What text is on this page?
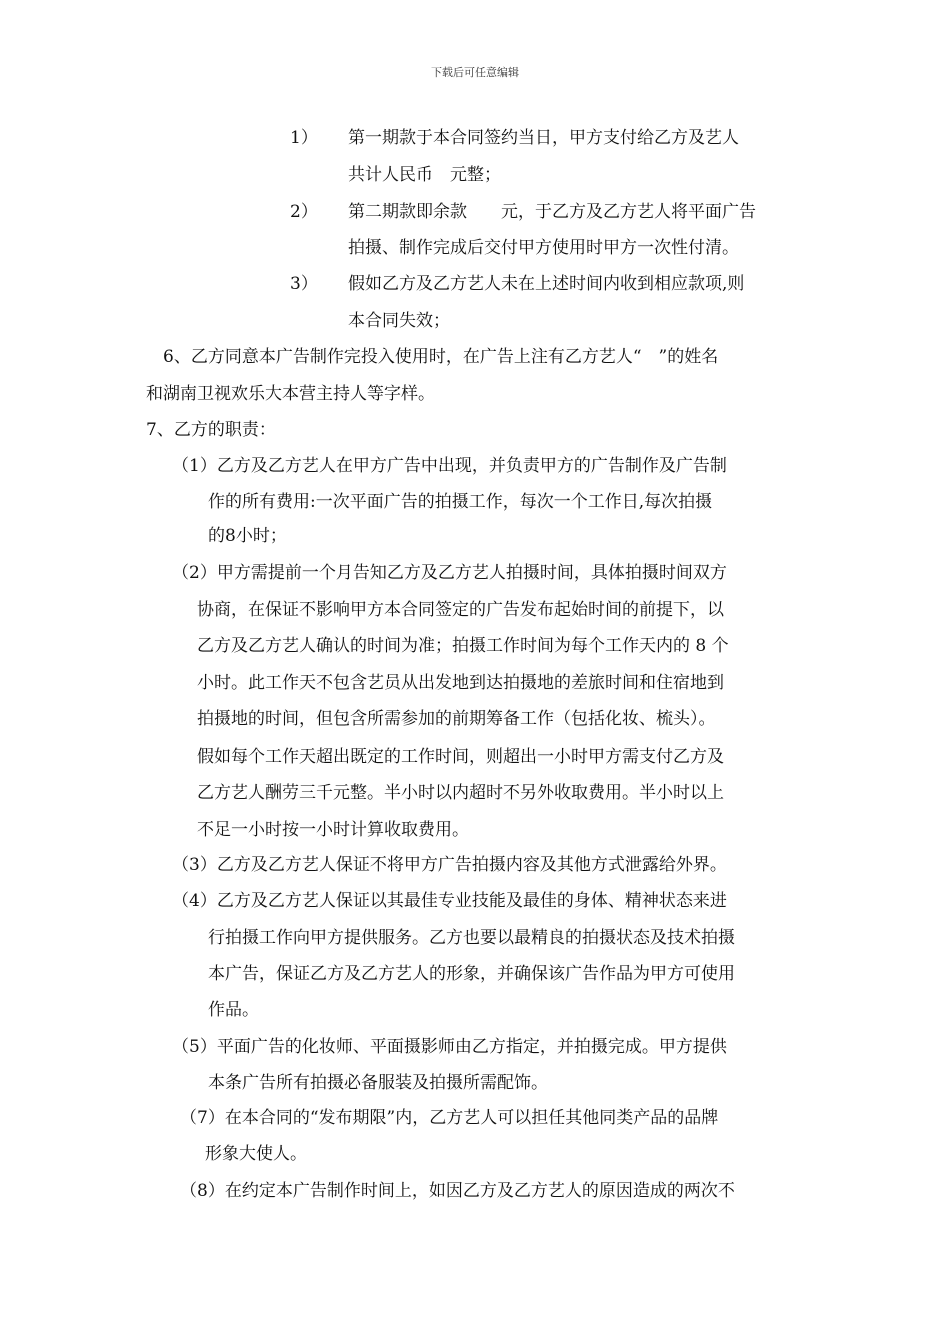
下载后可任意编辑
1） 第一期款于本合同签约当日，甲方支付给乙方及艺人
共计人民币　元整；
2） 第二期款即余款　　元，于乙方及乙方艺人将平面广告
拍摄、制作完成后交付甲方使用时甲方一次性付清。
3） 假如乙方及乙方艺人未在上述时间内收到相应款项,则
本合同失效；
6、乙方同意本广告制作完投入使用时，在广告上注有乙方艺人“　”的姓名
和湖南卫视欢乐大本营主持人等字样。
7、乙方的职责：
（1）乙方及乙方艺人在甲方广告中出现，并负责甲方的广告制作及广告制
作的所有费用:一次平面广告的拍摄工作，每次一个工作日,每次拍摄
的8小时；
（2）甲方需提前一个月告知乙方及乙方艺人拍摄时间，具体拍摄时间双方
协商，在保证不影响甲方本合同签定的广告发布起始时间的前提下，以
乙方及乙方艺人确认的时间为准；拍摄工作时间为每个工作天内的 8 个
小时。此工作天不包含艺员从出发地到达拍摄地的差旅时间和住宿地到
拍摄地的时间，但包含所需参加的前期筹备工作（包括化妆、梳头）。
假如每个工作天超出既定的工作时间，则超出一小时甲方需支付乙方及
乙方艺人酬劳三千元整。半小时以内超时不另外收取费用。半小时以上
不足一小时按一小时计算收取费用。
（3）乙方及乙方艺人保证不将甲方广告拍摄内容及其他方式泄露给外界。
（4）乙方及乙方艺人保证以其最佳专业技能及最佳的身体、精神状态来进
行拍摄工作向甲方提供服务。乙方也要以最精良的拍摄状态及技术拍摄
本广告，保证乙方及乙方艺人的形象，并确保该广告作品为甲方可使用
作品。
（5）平面广告的化妆师、平面摄影师由乙方指定，并拍摄完成。甲方提供
本条广告所有拍摄必备服装及拍摄所需配饰。
（7）在本合同的“发布期限”内，乙方艺人可以担任其他同类产品的品牌
形象大使人。
（8）在约定本广告制作时间上，如因乙方及乙方艺人的原因造成的两次不
